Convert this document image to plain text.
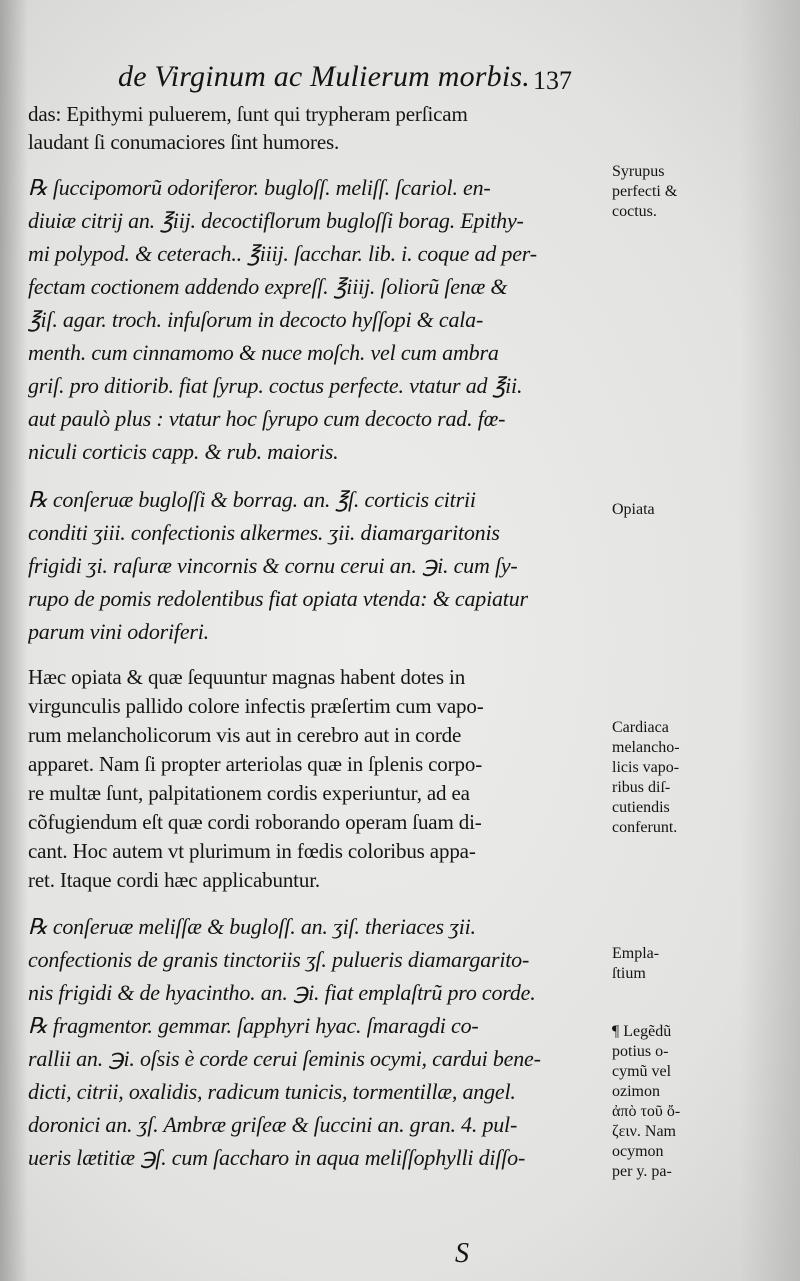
de Virginum ac Mulierum morbis. 137
das: Epithymi puluerem, ſunt qui trypheram perſicam
laudant ſi conumaciores ſint humores.
℞ ſuccipomorũ odoriferor. bugloſſ. meliſſ. ſcariol. en-
diuiæ citrij an. ℥iij. decoctiflorum bugloſſi borag. Epithy-
mi polypod. & ceterach.. ℥iiij. ſacchar. lib. i. coque ad per-
fectam coctionem addendo expreſſ. ℥iiij. ſoliorũ ſenæ &
℥iſ. agar. troch. infuſorum in decocto hyſſopi & cala-
menth. cum cinnamomo & nuce moſch. vel cum ambra
griſ. pro ditiorib. fiat ſyrup. coctus perfecte. vtatur ad ℥ii.
aut paulò plus : vtatur hoc ſyrupo cum decocto rad. fœ-
niculi corticis capp. & rub. maioris.
℞ conſeruæ bugloſſi & borrag. an. ℥ſ. corticis citrii
conditi ʒiii. confectionis alkermes. ʒii. diamargaritonis
frigidi ʒi. raſuræ vincornis & cornu cerui an. ℈i. cum ſy-
rupo de pomis redolentibus fiat opiata vtenda: & capiatur
parum vini odoriferi.
Hæc opiata & quæ ſequuntur magnas habent dotes in
virgunculis pallido colore infectis præſertim cum vapo-
rum melancholicorum vis aut in cerebro aut in corde
apparet. Nam ſi propter arteriolas quæ in ſplenis corpo-
re multæ ſunt, palpitationem cordis experiuntur, ad ea
cõfugiendum eſt quæ cordi roborando operam ſuam di-
cant. Hoc autem vt plurimum in fœdis coloribus appa-
ret. Itaque cordi hæc applicabuntur.
℞ conſeruæ meliſſæ & bugloſſ. an. ʒiſ. theriaces ʒii.
confectionis de granis tinctoriis ʒſ. pulueris diamargarito-
nis frigidi & de hyacintho. an. ℈i. fiat emplaſtrũ pro corde.
℞ fragmentor. gemmar. ſapphyri hyac. ſmaragdi co-
rallii an. ℈i. oſsis è corde cerui ſeminis ocymi, cardui bene-
dicti, citrii, oxalidis, radicum tunicis, tormentillæ, angel.
doronici an. ʒſ. Ambræ griſeæ & ſuccini an. gran. 4. pul-
ueris lætitiæ ℈ſ. cum ſaccharo in aqua meliſſophylli diſſo-
Syrupus
perfecti &
coctus.
Opiata
Cardiaca
melancho-
licis vapo-
ribus diſ-
cutiendis
conferunt.
Empla-
ſtium
¶ Legẽdũ
potius o-
cymũ vel
ozimon
ἀπὸ τοῦ ὄ-
ζειν. Nam
ocymon
per y. pa-
S
